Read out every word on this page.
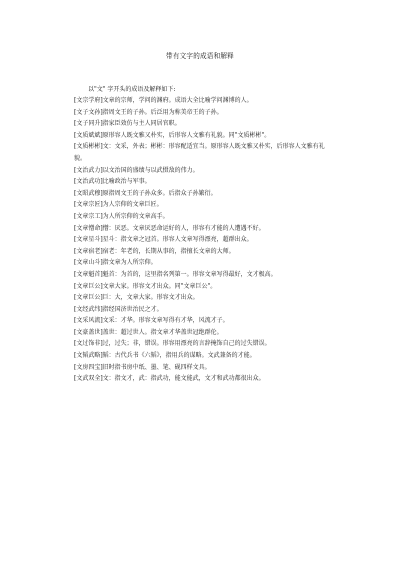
带有文字的成语和解释
以"文" 字开头的成语及解释如下:

[文宗学府]文章的宗师，学问的渊府。成语大全比喻学问渊博的人。

[文子文孙]指周文王的子孙。后泛用为称美帝王的子孙。

[文子同升]指家臣效仿与主人同居官职。

[文质斌斌]原形容人既文雅又朴实，后形容人文雅有礼貌。同"文质彬彬"。

[文质彬彬]文：文采，外表；彬彬：形容配适宜当。原形容人既文雅又朴实，后形容人文雅有礼貌。

[文治武力]以文治国的盛绩与以武慑敌的伟力。

[文治武功]比喻政治与军事。

[文昭武穆]原指周文王的子孙众多。后指众子孙繁衍。

[文章宗匠]为人宗仰的文章巨匠。

[文章宗工]为人所宗仰的文章高手。

[文章憎命]憎：厌恶。文章厌恶命运好的人，形容有才能的人遭遇不好。

[文章星斗]星斗：指文章之冠首。形容人文章写得漂亮，超群出众。

[文章宿老]宿老：年老的，长期从事的，指擅长文章的大师。

[文章山斗]指文章为人所宗仰。

[文章魁首]魁首：为首的，这里指名列第一。形容文章写得最好，文才极高。

[文章巨公]文章大家。形容文才出众。同"文章巨公"。

[文章巨公]巨：大，文章大家。形容文才出众。

[文经武纬]指经国济世治民之才。

[文采风流]文采：才华。形容文章写得有才华，风流才子。

[文豪盖世]盖世：超过世人。指文章才华盖世冠绝群伦。

[文过饰非]过，过失；非，错误。形容用漂亮的言辞掩饰自己的过失错误。

[文韬武略]韬：古代兵书《六韬》，指用兵的谋略。文武兼备的才能。

[文房四宝]旧时指书房中纸、墨、笔、砚四样文具。

[文武双全]文：指文才，武：指武功，能文能武，文才和武功都很出众。
